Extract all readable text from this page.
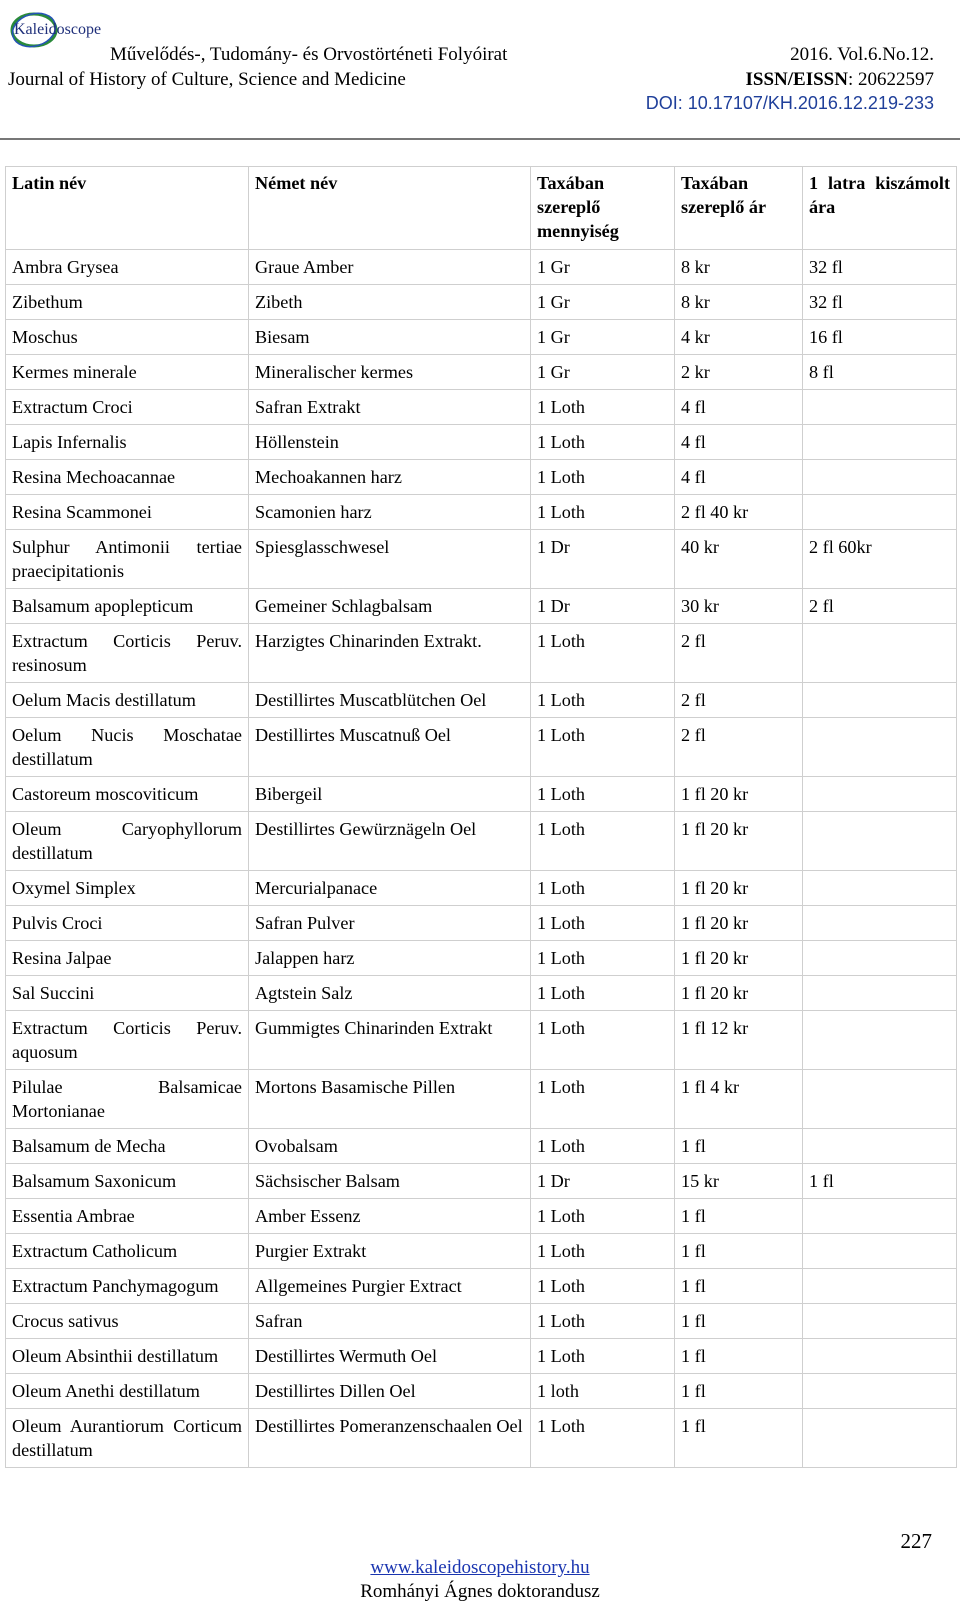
Kaleidoscope
Művelődés-, Tudomány- és Orvostörténeti Folyóirat
Journal of History of Culture, Science and Medicine
2016. Vol.6.No.12.
ISSN/EISSN: 20622597
DOI: 10.17107/KH.2016.12.219-233
Latin név	Német név	Taxában szereplő mennyiség	Taxában szereplő ár	1 latra kiszámolt ára
Ambra Grysea	Graue Amber	1 Gr	8 kr	32 fl
Zibethum	Zibeth	1 Gr	8 kr	32 fl
Moschus	Biesam	1 Gr	4 kr	16 fl
Kermes minerale	Mineralischer kermes	1 Gr	2 kr	8 fl
Extractum Croci	Safran Extrakt	1 Loth	4 fl	
Lapis Infernalis	Höllenstein	1 Loth	4 fl	
Resina Mechoacannae	Mechoakannen harz	1 Loth	4 fl	
Resina Scammonei	Scamonien harz	1 Loth	2 fl 40 kr	
Sulphur Antimonii tertiae praecipitationis	Spiesglasschwesel	1 Dr	40 kr	2 fl 60kr
Balsamum apoplepticum	Gemeiner Schlagbalsam	1 Dr	30 kr	2 fl
Extractum Corticis Peruv. resinosum	Harzigtes Chinarinden Extrakt.	1 Loth	2 fl	
Oelum Macis destillatum	Destillirtes Muscatblütchen Oel	1 Loth	2 fl	
Oelum Nucis Moschatae destillatum	Destillirtes Muscatnuß Oel	1 Loth	2 fl	
Castoreum moscoviticum	Bibergeil	1 Loth	1 fl 20 kr	
Oleum Caryophyllorum destillatum	Destillirtes Gewürznägeln Oel	1 Loth	1 fl 20 kr	
Oxymel Simplex	Mercurialpanace	1 Loth	1 fl 20 kr	
Pulvis Croci	Safran Pulver	1 Loth	1 fl 20 kr	
Resina Jalpae	Jalappen harz	1 Loth	1 fl 20 kr	
Sal Succini	Agtstein Salz	1 Loth	1 fl 20 kr	
Extractum Corticis Peruv. aquosum	Gummigtes Chinarinden Extrakt	1 Loth	1 fl 12 kr	
Pilulae Balsamicae Mortonianae	Mortons Basamische Pillen	1 Loth	1 fl 4 kr	
Balsamum de Mecha	Ovobalsam	1 Loth	1 fl	
Balsamum Saxonicum	Sächsischer Balsam	1 Dr	15 kr	1 fl
Essentia Ambrae	Amber Essenz	1 Loth	1 fl	
Extractum Catholicum	Purgier Extrakt	1 Loth	1 fl	
Extractum Panchymagogum	Allgemeines Purgier Extract	1 Loth	1 fl	
Crocus sativus	Safran	1 Loth	1 fl	
Oleum Absinthii destillatum	Destillirtes Wermuth Oel	1 Loth	1 fl	
Oleum Anethi destillatum	Destillirtes Dillen Oel	1 loth	1 fl	
Oleum Aurantiorum Corticum destillatum	Destillirtes Pomeranzenschaalen Oel	1 Loth	1 fl	
227
www.kaleidoscopehistory.hu
Romhányi Ágnes doktorandusz
